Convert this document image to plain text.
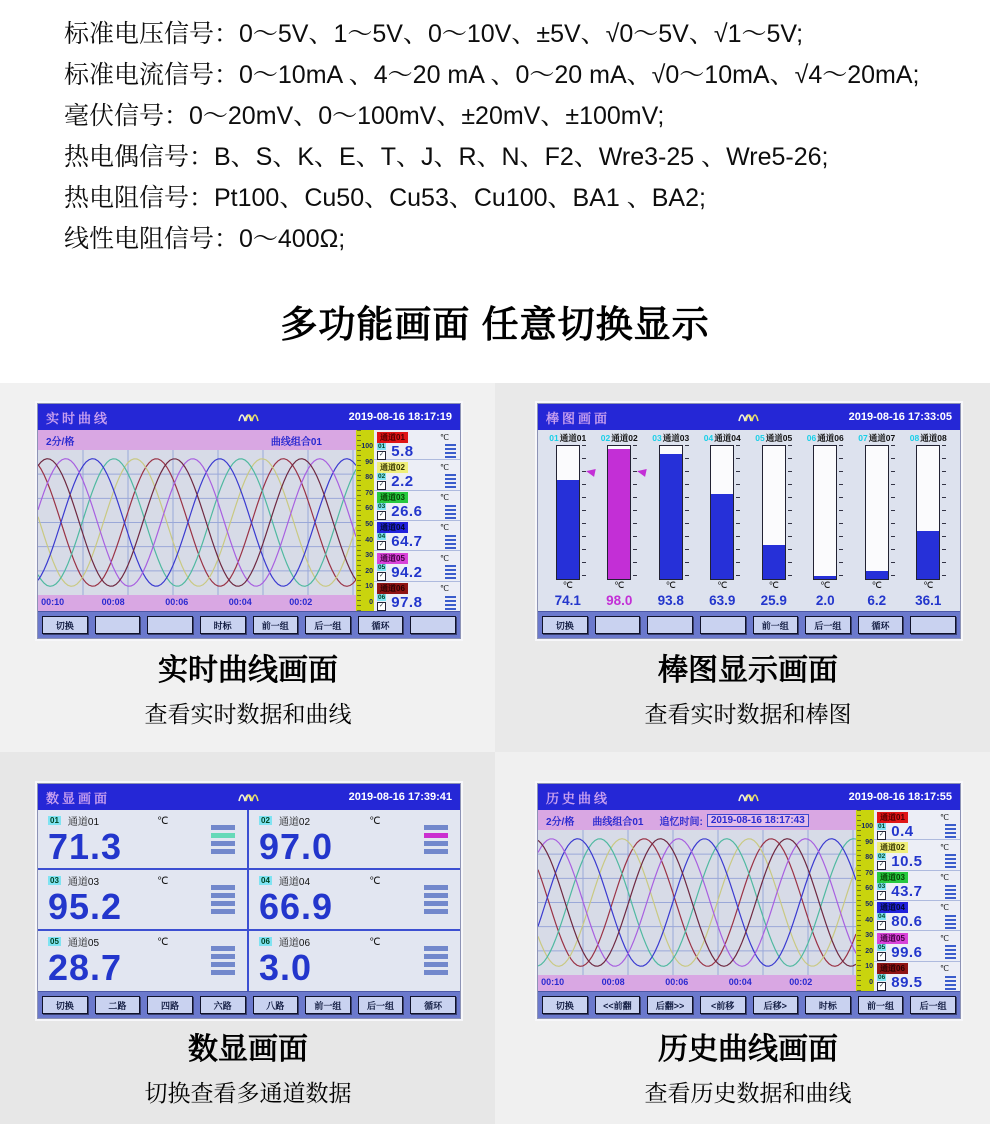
标准电压信号：0～5V、1～5V、0～10V、±5V、√0～5V、√1～5V;
标准电流信号：0～10mA 、4～20 mA 、0～20 mA、√0～10mA、√4～20mA;
毫伏信号：0～20mV、0～100mV、±20mV、±100mV;
热电偶信号：B、S、K、E、T、J、R、N、F2、Wre3-25 、Wre5-26;
热电阻信号：Pt100、Cu50、Cu53、Cu100、BA1 、BA2;
线性电阻信号：0～400Ω;
多功能画面 任意切换显示
实时曲线	2019-08-16 18:17:19
2分/格	曲线组合01
00:10	00:08	00:06	00:04	00:02
100
90
80
70
60
50
40
30
20
10
0
通道01	℃
01
✓ 5.8
通道02	℃
02
✓ 2.2
通道03	℃
03
✓ 26.6
通道04	℃
04
✓ 64.7
通道05	℃
05
✓ 94.2
通道06	℃
06
✓ 97.8
切换	时标	前一组	后一组	循环
棒图画面	2019-08-16 17:33:05
01通道01
℃
74.1
02通道02
℃
98.0
03通道03
℃
93.8
04通道04
℃
63.9
05通道05
℃
25.9
06通道06
℃
2.0
07通道07
℃
6.2
08通道08
℃
36.1
切换	前一组	后一组	循环
数显画面	2019-08-16 17:39:41
01 通道01	℃
71.3
02 通道02	℃
97.0
03 通道03	℃
95.2
04 通道04	℃
66.9
05 通道05	℃
28.7
06 通道06	℃
3.0
切换	二路	四路	六路	八路	前一组	后一组	循环
历史曲线	2019-08-16 18:17:55
2分/格 曲线组合01 追忆时间: 2019-08-16 18:17:43
00:10	00:08	00:06	00:04	00:02
100
90
80
70
60
50
40
30
20
10
0
通道01	℃
01
✓ 0.4
通道02	℃
02
✓ 10.5
通道03	℃
03
✓ 43.7
通道04	℃
04
✓ 80.6
通道05	℃
05
✓ 99.6
通道06	℃
06
✓ 89.5
切换	<<前翻	后翻>>	<前移	后移>	时标	前一组	后一组
实时曲线画面
查看实时数据和曲线
棒图显示画面
查看实时数据和棒图
数显画面
切换查看多通道数据
历史曲线画面
查看历史数据和曲线
